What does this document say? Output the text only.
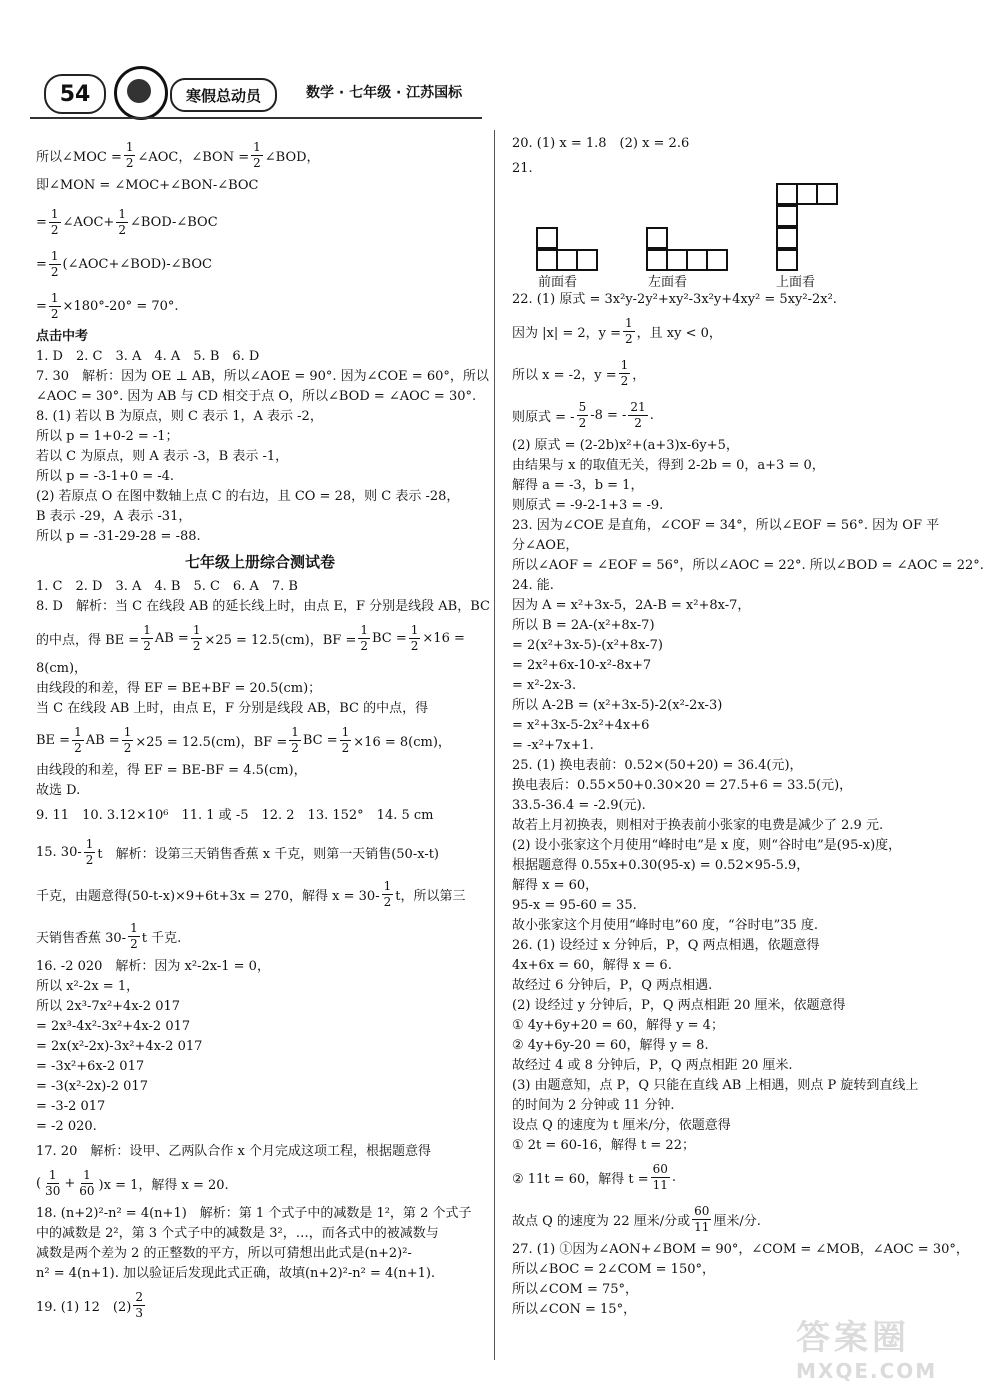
54	寒假总动员	数学 · 七年级 · 江苏国标
所以∠MOC = $\frac{1}{2}$ ∠AOC，∠BON = $\frac{1}{2}$ ∠BOD，

即∠MON = ∠MOC+∠BON-∠BOC

= $\frac{1}{2}$ ∠AOC+ $\frac{1}{2}$ ∠BOD-∠BOC
= $\frac{1}{2}$ (∠AOC+∠BOD)-∠BOC
= $\frac{1}{2} \times 180^\circ-20^\circ = 70^\circ$.

点击中考

1. D　2. C　3. A　4. A　5. B　6. D

7. 30　解析：因为 OE ⊥ AB，所以∠AOE = 90°. 因为∠COE = 60°，所以

∠AOC = 30°. 因为 AB 与 CD 相交于点 O，所以∠BOD = ∠AOC = 30°.

8. (1) 若以 B 为原点，则 C 表示 1，A 表示 -2，

所以 p = 1+0-2 = -1；

若以 C 为原点，则 A 表示 -3，B 表示 -1，

所以 p = -3-1+0 = -4.

(2) 若原点 O 在图中数轴上点 C 的右边，且 CO = 28，则 C 表示 -28，

B 表示 -29，A 表示 -31，

所以 p = -31-29-28 = -88.

七年级上册综合测试卷

1. C　2. D　3. A　4. B　5. C　6. A　7. B

8. D　解析：当 C 在线段 AB 的延长线上时，由点 E，F 分别是线段 AB，BC

的中点，得 BE = $\frac{1}{2}$ AB = $\frac{1}{2} \times 25 = 12.5(cm)$，BF = $\frac{1}{2}$ BC = $\frac{1}{2} \times 16$ =

8(cm)，

由线段的和差，得 EF = BE+BF = 20.5(cm)；

当 C 在线段 AB 上时，由点 E，F 分别是线段 AB，BC 的中点，得

BE = $\frac{1}{2}$ AB = $\frac{1}{2} \times 25 = 12.5(cm)$，BF = $\frac{1}{2}$ BC = $\frac{1}{2} \times 16 = 8(cm)$，

由线段的和差，得 EF = BE-BF = 4.5(cm)，

故选 D.

9. 11　10. 3.12×10⁶　11. 1 或 -5　12. 2　13. 152°　14. 5 cm

15. $30- \frac{1}{2}$ t　解析：设第三天销售香蕉 x 千克，则第一天销售(50-x-t)
千克，由题意得(50-t-x)×9+6t+3x = 270，解得 $x = 30- \frac{1}{2}$ t，所以第三
天销售香蕉 $30- \frac{1}{2}$ t 千克.

16. -2 020　解析：因为 x²-2x-1 = 0，

所以 x²-2x = 1，

所以 2x³-7x²+4x-2 017

= 2x³-4x²-3x²+4x-2 017

= 2x(x²-2x)-3x²+4x-2 017

= -3x²+6x-2 017

= -3(x²-2x)-2 017

= -3-2 017

= -2 020.

17. 20　解析：设甲、乙两队合作 x 个月完成这项工程，根据题意得

( $\frac{1}{30} + \frac{1}{60} )x = 1$，解得 x = 20.

18. (n+2)²-n² = 4(n+1)　解析：第 1 个式子中的减数是 1²，第 2 个式子

中的减数是 2²，第 3 个式子中的减数是 3²，…，而各式中的被减数与

减数是两个差为 2 的正整数的平方，所以可猜想出此式是(n+2)²-

n² = 4(n+1). 加以验证后发现此式正确，故填(n+2)²-n² = 4(n+1).

19. (1) 12　$(2) \frac{2}{3}$

20. (1) x = 1.8　(2) x = 2.6

21.

前面看	左面看	上面看

22. (1) 原式 = 3x²y-2y²+xy²-3x²y+4xy² = 5xy²-2x².

因为 |x| = 2，$y = \frac{1}{2}$ ，且 xy < 0，
所以 x = -2，$y = \frac{1}{2}$ ，
则原式 = - $\frac{5}{2} -8$ = - $\frac{21}{2}$ .

(2) 原式 = (2-2b)x²+(a+3)x-6y+5，

由结果与 x 的取值无关，得到 2-2b = 0，a+3 = 0，

解得 a = -3，b = 1，

则原式 = -9-2-1+3 = -9.

23. 因为∠COE 是直角，∠COF = 34°，所以∠EOF = 56°. 因为 OF 平

分∠AOE，

所以∠AOF = ∠EOF = 56°，所以∠AOC = 22°. 所以∠BOD = ∠AOC = 22°.

24. 能.

因为 A = x²+3x-5，2A-B = x²+8x-7，

所以 B = 2A-(x²+8x-7)

= 2(x²+3x-5)-(x²+8x-7)

= 2x²+6x-10-x²-8x+7

= x²-2x-3.

所以 A-2B = (x²+3x-5)-2(x²-2x-3)

= x²+3x-5-2x²+4x+6

= -x²+7x+1.

25. (1) 换电表前：0.52×(50+20) = 36.4(元)，

换电表后：0.55×50+0.30×20 = 27.5+6 = 33.5(元)，

33.5-36.4 = -2.9(元).

故若上月初换表，则相对于换表前小张家的电费是减少了 2.9 元.

(2) 设小张家这个月使用“峰时电”是 x 度，则“谷时电”是(95-x)度，

根据题意得 0.55x+0.30(95-x) = 0.52×95-5.9，

解得 x = 60，

95-x = 95-60 = 35.

故小张家这个月使用“峰时电”60 度，“谷时电”35 度.

26. (1) 设经过 x 分钟后，P，Q 两点相遇，依题意得

4x+6x = 60，解得 x = 6.

故经过 6 分钟后，P，Q 两点相遇.

(2) 设经过 y 分钟后，P，Q 两点相距 20 厘米，依题意得

① 4y+6y+20 = 60，解得 y = 4；

② 4y+6y-20 = 60，解得 y = 8.

故经过 4 或 8 分钟后，P，Q 两点相距 20 厘米.

(3) 由题意知，点 P，Q 只能在直线 AB 上相遇，则点 P 旋转到直线上

的时间为 2 分钟或 11 分钟.

设点 Q 的速度为 t 厘米/分，依题意得

① 2t = 60-16，解得 t = 22；

② 11t = 60，解得 $t = \frac{60}{11}$ .
故点 Q 的速度为 22 厘米/分或 $\frac{60}{11}$ 厘米/分.

27. (1) ①因为∠AON+∠BOM = 90°，∠COM = ∠MOB，∠AOC = 30°，

所以∠BOC = 2∠COM = 150°，

所以∠COM = 75°，

所以∠CON = 15°，

答案圈
MXQE.COM
